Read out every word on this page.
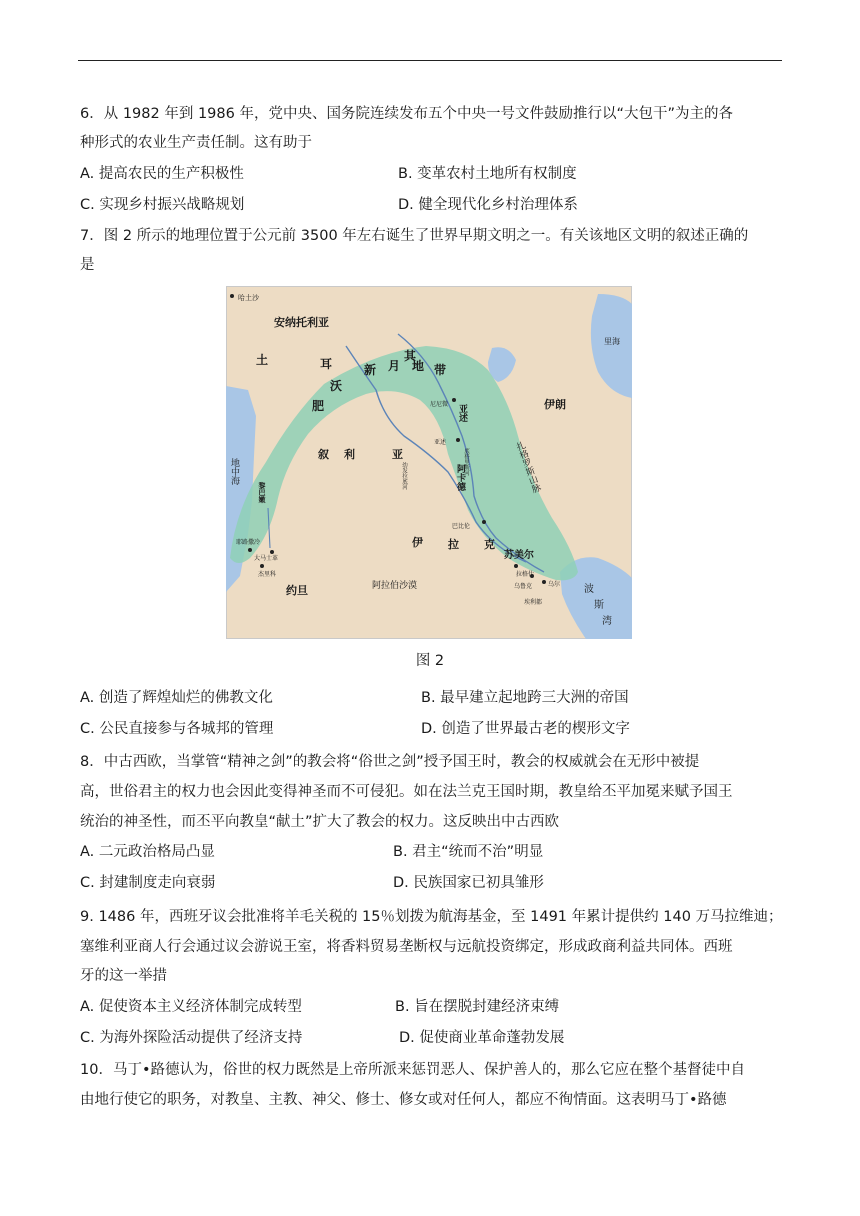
6．从 1982 年到 1986 年，党中央、国务院连续发布五个中央一号文件鼓励推行以“大包干”为主的各
种形式的农业生产责任制。这有助于
A. 提高农民的生产积极性	B. 变革农村土地所有权制度
C. 实现乡村振兴战略规划	D. 健全现代化乡村治理体系
7．图 2 所示的地理位置于公元前 3500 年左右诞生了世界早期文明之一。有关该地区文明的叙述正确的
是
哈土沙
安纳托利亚
土	耳
其
里海
肥
沃
新 月 地 带
亚述	伊朗
尼尼微
亚述
地中海
叙 利	亚
幼发拉底河
底格里斯河	扎格罗斯山脉
阿卡德
黎巴嫩
巴比伦
伊 拉 克
苏美尔
大马士革
耶路撒冷
杰里科	拉格什
乌鲁克	乌尔
埃利都
波
斯
湾
约旦	阿拉伯沙漠
图 2
A. 创造了辉煌灿烂的佛教文化	B. 最早建立起地跨三大洲的帝国
C. 公民直接参与各城邦的管理	D. 创造了世界最古老的楔形文字
8．中古西欧，当掌管“精神之剑”的教会将“俗世之剑”授予国王时，教会的权威就会在无形中被提
高，世俗君主的权力也会因此变得神圣而不可侵犯。如在法兰克王国时期，教皇给丕平加冕来赋予国王
统治的神圣性，而丕平向教皇“献土”扩大了教会的权力。这反映出中古西欧
A. 二元政治格局凸显	B. 君主“统而不治”明显
C. 封建制度走向衰弱	D. 民族国家已初具雏形
9. 1486 年，西班牙议会批准将羊毛关税的 15％划拨为航海基金，至 1491 年累计提供约 140 万马拉维迪；
塞维利亚商人行会通过议会游说王室，将香料贸易垄断权与远航投资绑定，形成政商利益共同体。西班
牙的这一举措
A. 促使资本主义经济体制完成转型	B. 旨在摆脱封建经济束缚
C. 为海外探险活动提供了经济支持	D. 促使商业革命蓬勃发展
10．马丁•路德认为，俗世的权力既然是上帝所派来惩罚恶人、保护善人的，那么它应在整个基督徒中自
由地行使它的职务，对教皇、主教、神父、修士、修女或对任何人，都应不徇情面。这表明马丁•路德
